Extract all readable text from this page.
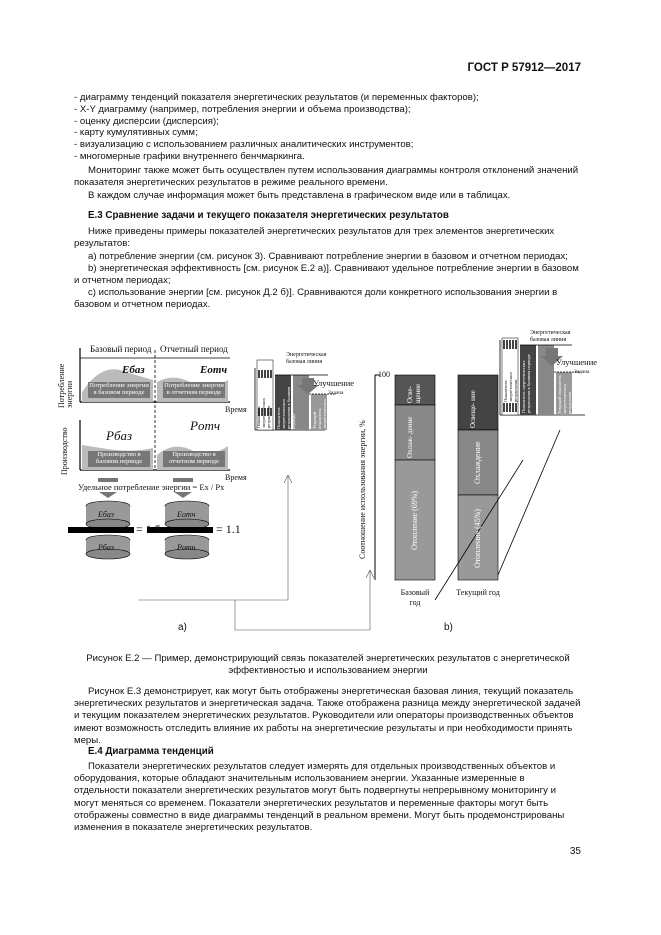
ГОСТ Р 57912—2017
- диаграмму тенденций показателя энергетических результатов (и переменных факторов);
- X-Y диаграмму (например, потребления энергии и объема производства);
- оценку дисперсии (дисперсия);
- карту кумулятивных сумм;
- визуализацию с использованием различных аналитических инструментов;
- многомерные графики внутреннего бенчмаркинга.
Мониторинг также может быть осуществлен путем использования диаграммы контроля отклонений значений показателя энергетических результатов в режиме реального времени.
В каждом случае информация может быть представлена в графическом виде или в таблицах.
Е.3 Сравнение задачи и текущего показателя энергетических результатов
Ниже приведены примеры показателей энергетических результатов для трех элементов энергетических результатов:
a) потребление энергии (см. рисунок 3). Сравнивают потребление энергии в базовом и отчетном периодах;
b) энергетическая эффективность [см. рисунок Е.2 а)]. Сравнивают удельное потребление энергии в базовом и отчетном периодах;
c) использование энергии [см. рисунок Д.2 б)]. Сравниваются доли конкретного использования энергии в базовом и отчетном периодах.
Потребление энергии
Производство
Базовый период Отчетный период
Eбаз	Eотч
Потребление энергии в базовом периоде
Потребление энергии в отчетном периоде
Время
Pбаз
Pотч
Производство в базовом периоде
Производство в отчетном периоде
Время
Удельное потребление энергии = Ex / Px
Eбаз
Pбаз
Eотч
Pотч
= 1.5	= 1.1
Энергетическая базовая линия
Улучшение
Задача
Показатель энергетических результатов Показатель энергетических результатов в базовом периоде	Текущий показатель энергетических результатов
а)
Соотношение использования энергии, %
100
Осве- щение
Охлаж- дение
Отопление (69%)
Освеще- ние
Охлаждение
Отопление (45%)
Базовый год
Текущий год
Энергетическая базовая линия
Улучшение
Задача
Показатель энергетических результатов Показатель энергетических результатов в базовом периоде	Текущий показатель энергетических результатов
b)
Рисунок Е.2 — Пример, демонстрирующий связь показателей энергетических результатов с энергетической эффективностью и использованием энергии
Рисунок Е.3 демонстрирует, как могут быть отображены энергетическая базовая линия, текущий показатель энергетических результатов и энергетическая задача. Также отображена разница между энергетической задачей и текущим показателем энергетических результатов. Руководители или операторы производственных объектов имеют возможность отследить влияние их работы на энергетические результаты и при необходимости принять меры.
Е.4 Диаграмма тенденций
Показатели энергетических результатов следует измерять для отдельных производственных объектов и оборудования, которые обладают значительным использованием энергии. Указанные измеренные в отдельности показатели энергетических результатов могут быть подвергнуты непрерывному мониторингу и могут меняться со временем. Показатели энергетических результатов и переменные факторы могут быть отображены совместно в виде диаграммы тенденций в реальном времени. Могут быть продемонстрированы изменения в показателе энергетических результатов.
35
